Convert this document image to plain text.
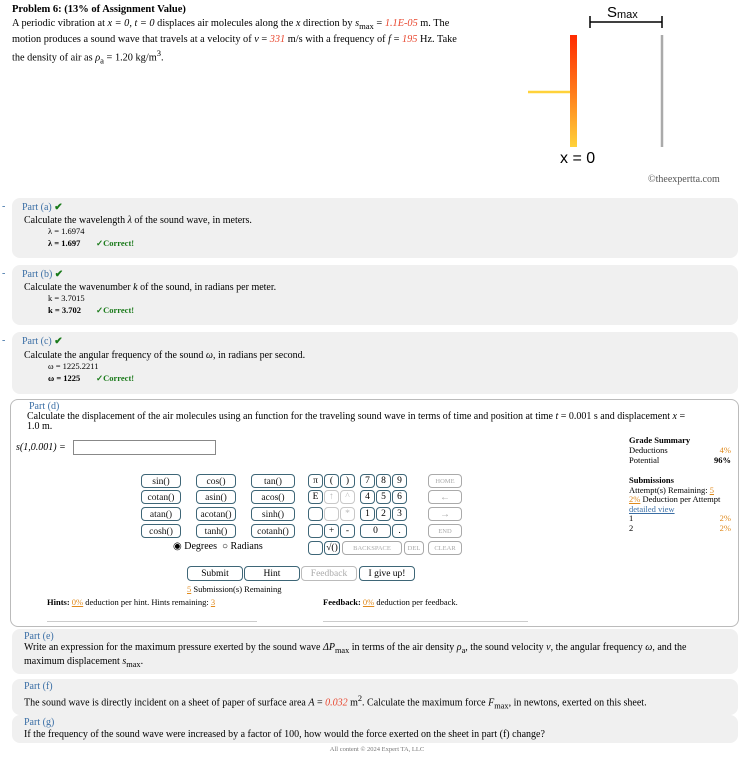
Problem 6: (13% of Assignment Value)
A periodic vibration at x = 0, t = 0 displaces air molecules along the x direction by $s_{max} = 1.1E-05$ m. The
motion produces a sound wave that travels at a velocity of v = 331 m/s with a frequency of f = 195 Hz. Take
the density of air as $\rho_a = 1.20$ $kg/m^3$.
Smax
x = 0
©theexpertta.com
- Part (a) ✔
Calculate the wavelength λ of the sound wave, in meters.
λ = 1.6974
λ = 1.697 ✓Correct!
- Part (b) ✔
Calculate the wavenumber k of the sound, in radians per meter.
k = 3.7015
k = 3.702 ✓Correct!
- Part (c) ✔
Calculate the angular frequency of the sound ω, in radians per second.
ω = 1225.2211
ω = 1225 ✓Correct!
Part (d)
Calculate the displacement of the air molecules using an function for the traveling sound wave in terms of time and position at time t = 0.001 s and displacement x =
1.0 m.
s(1,0.001) =
Grade Summary
Deductions	4%
Potential	96%
Submissions
Attempt(s) Remaining: 5
2% Deduction per Attempt
detailed view
1	2%
2	2%
sin()	cos()	tan()
cotan()	asin()	acos()
atan()	acotan()	sinh()
cosh()	tanh()	cotanh()
◉ Degrees ○ Radians
π	(	)	7	8	9	HOME
E	↑	^	4	5	6	←
*	1	2	3	→
+	-	0	.	END
√()	BACKSPACE	DEL	CLEAR
Submit	Hint	Feedback	I give up!
5 Submission(s) Remaining
Hints: 0% deduction per hint. Hints remaining: 3	Feedback: 0% deduction per feedback.
Part (e)
Write an expression for the maximum pressure exerted by the sound wave $\Delta P_{max}$ in terms of the air density $\rho_a$, the sound velocity v, the angular frequency ω, and the
maximum displacement $s_{max}$.
Part (f)
The sound wave is directly incident on a sheet of paper of surface area A = 0.032 $m^2$. Calculate the maximum force $F_{max}$, in newtons, exerted on this sheet.
Part (g)
If the frequency of the sound wave were increased by a factor of 100, how would the force exerted on the sheet in part (f) change?
All content © 2024 Expert TA, LLC
